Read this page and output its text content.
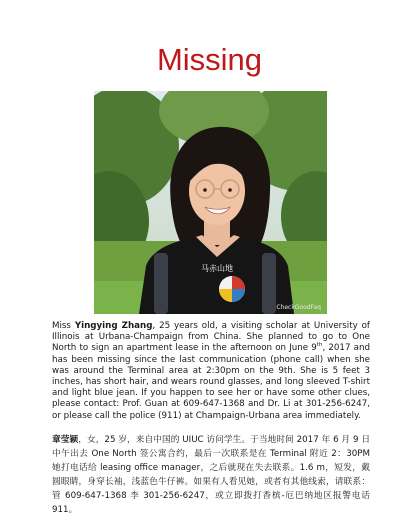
Missing
马赤山地
CheckGoodFaq
Miss Yingying Zhang, 25 years old, a visiting scholar at University of Illinois at Urbana-Champaign from China. She planned to go to One North to sign an apartment lease in the afternoon on June 9th, 2017 and has been missing since the last communication (phone call) when she was around the Terminal area at 2:30pm on the 9th. She is 5 feet 3 inches, has short hair, and wears round glasses, and long sleeved T-shirt and light blue jean. If you happen to see her or have some other clues, please contact: Prof. Guan at 609-647-1368 and Dr. Li at 301-256-6247, or please call the police (911) at Champaign-Urbana area immediately.
章莹颖，女，25 岁，来自中国的 UIUC 访问学生。于当地时间 2017 年 6 月 9 日中午出去 One North 签公寓合约，最后一次联系是在 Terminal 附近 2：30PM 她打电话给 leasing office manager，之后就现在失去联系。1.6 m，短发，戴圆眼睛，身穿长袖，浅蓝色牛仔裤。如果有人看见她，或者有其他线索，请联系：管 609-647-1368 李 301-256-6247，或立即拨打香槟-厄巴纳地区报警电话 911。
